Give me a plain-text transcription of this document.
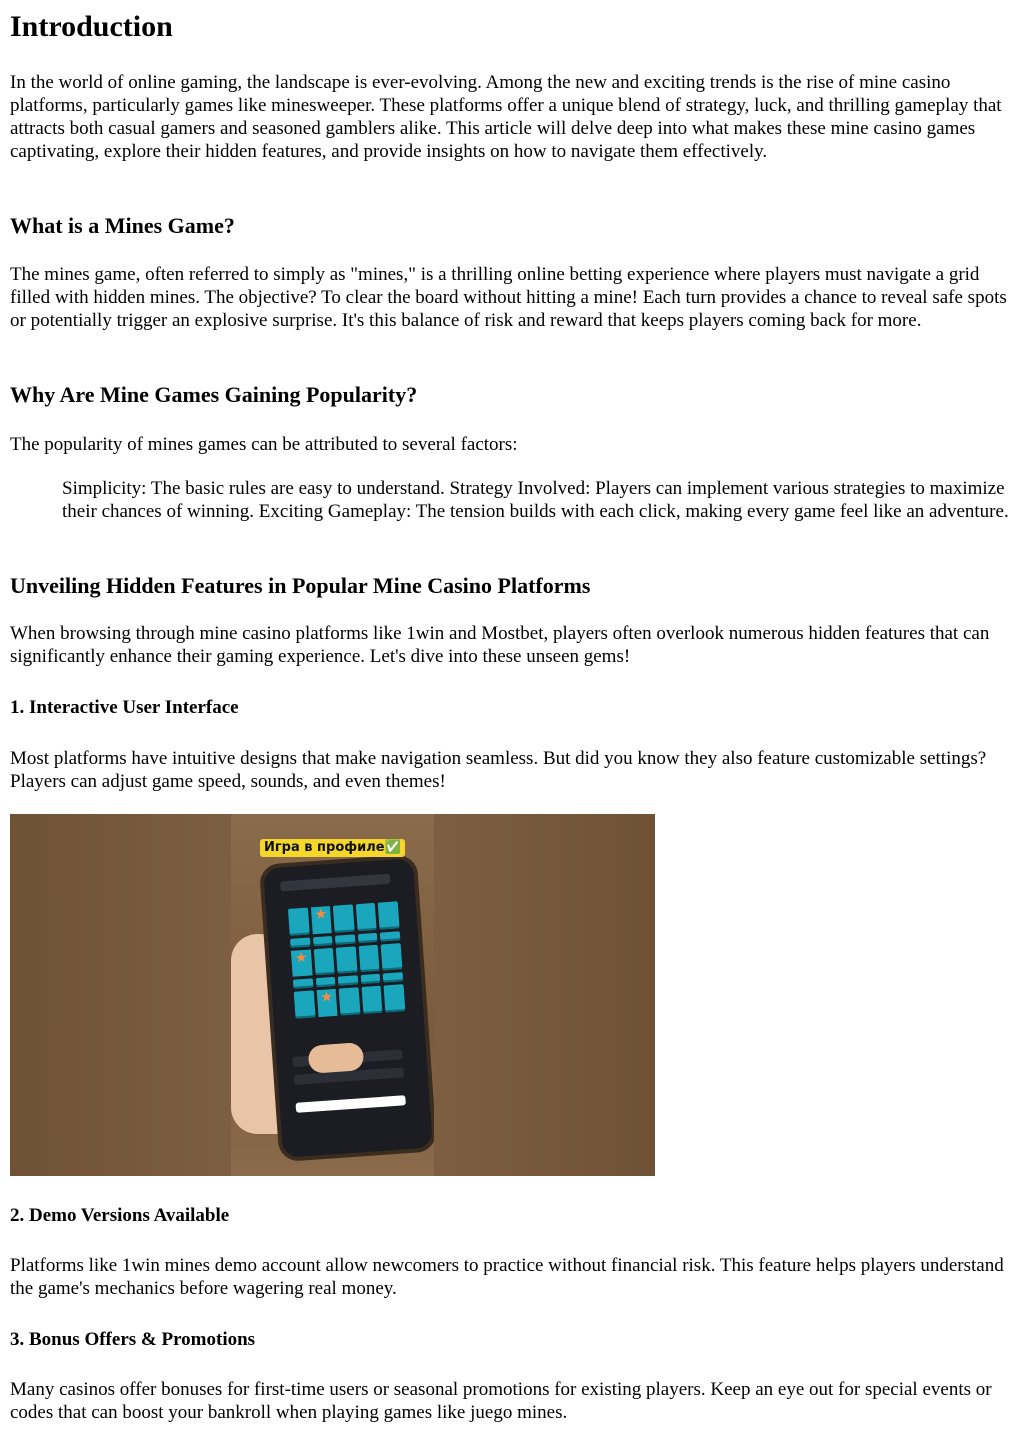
Introduction

In the world of online gaming, the landscape is ever-evolving. Among the new and exciting trends is the rise of mine casino platforms, particularly games like minesweeper. These platforms offer a unique blend of strategy, luck, and thrilling gameplay that attracts both casual gamers and seasoned gamblers alike. This article will delve deep into what makes these mine casino games captivating, explore their hidden features, and provide insights on how to navigate them effectively.

What is a Mines Game?

The mines game, often referred to simply as "mines," is a thrilling online betting experience where players must navigate a grid filled with hidden mines. The objective? To clear the board without hitting a mine! Each turn provides a chance to reveal safe spots or potentially trigger an explosive surprise. It's this balance of risk and reward that keeps players coming back for more.

Why Are Mine Games Gaining Popularity?

The popularity of mines games can be attributed to several factors:

Simplicity: The basic rules are easy to understand. Strategy Involved: Players can implement various strategies to maximize their chances of winning. Exciting Gameplay: The tension builds with each click, making every game feel like an adventure.

Unveiling Hidden Features in Popular Mine Casino Platforms

When browsing through mine casino platforms like 1win and Mostbet, players often overlook numerous hidden features that can significantly enhance their gaming experience. Let's dive into these unseen gems!

1. Interactive User Interface

Most platforms have intuitive designs that make navigation seamless. But did you know they also feature customizable settings? Players can adjust game speed, sounds, and even themes!

★
★
★
Игра в профиле✅
2. Demo Versions Available

Platforms like 1win mines demo account allow newcomers to practice without financial risk. This feature helps players understand the game's mechanics before wagering real money.

3. Bonus Offers & Promotions

Many casinos offer bonuses for first-time users or seasonal promotions for existing players. Keep an eye out for special events or codes that can boost your bankroll when playing games like juego mines.
